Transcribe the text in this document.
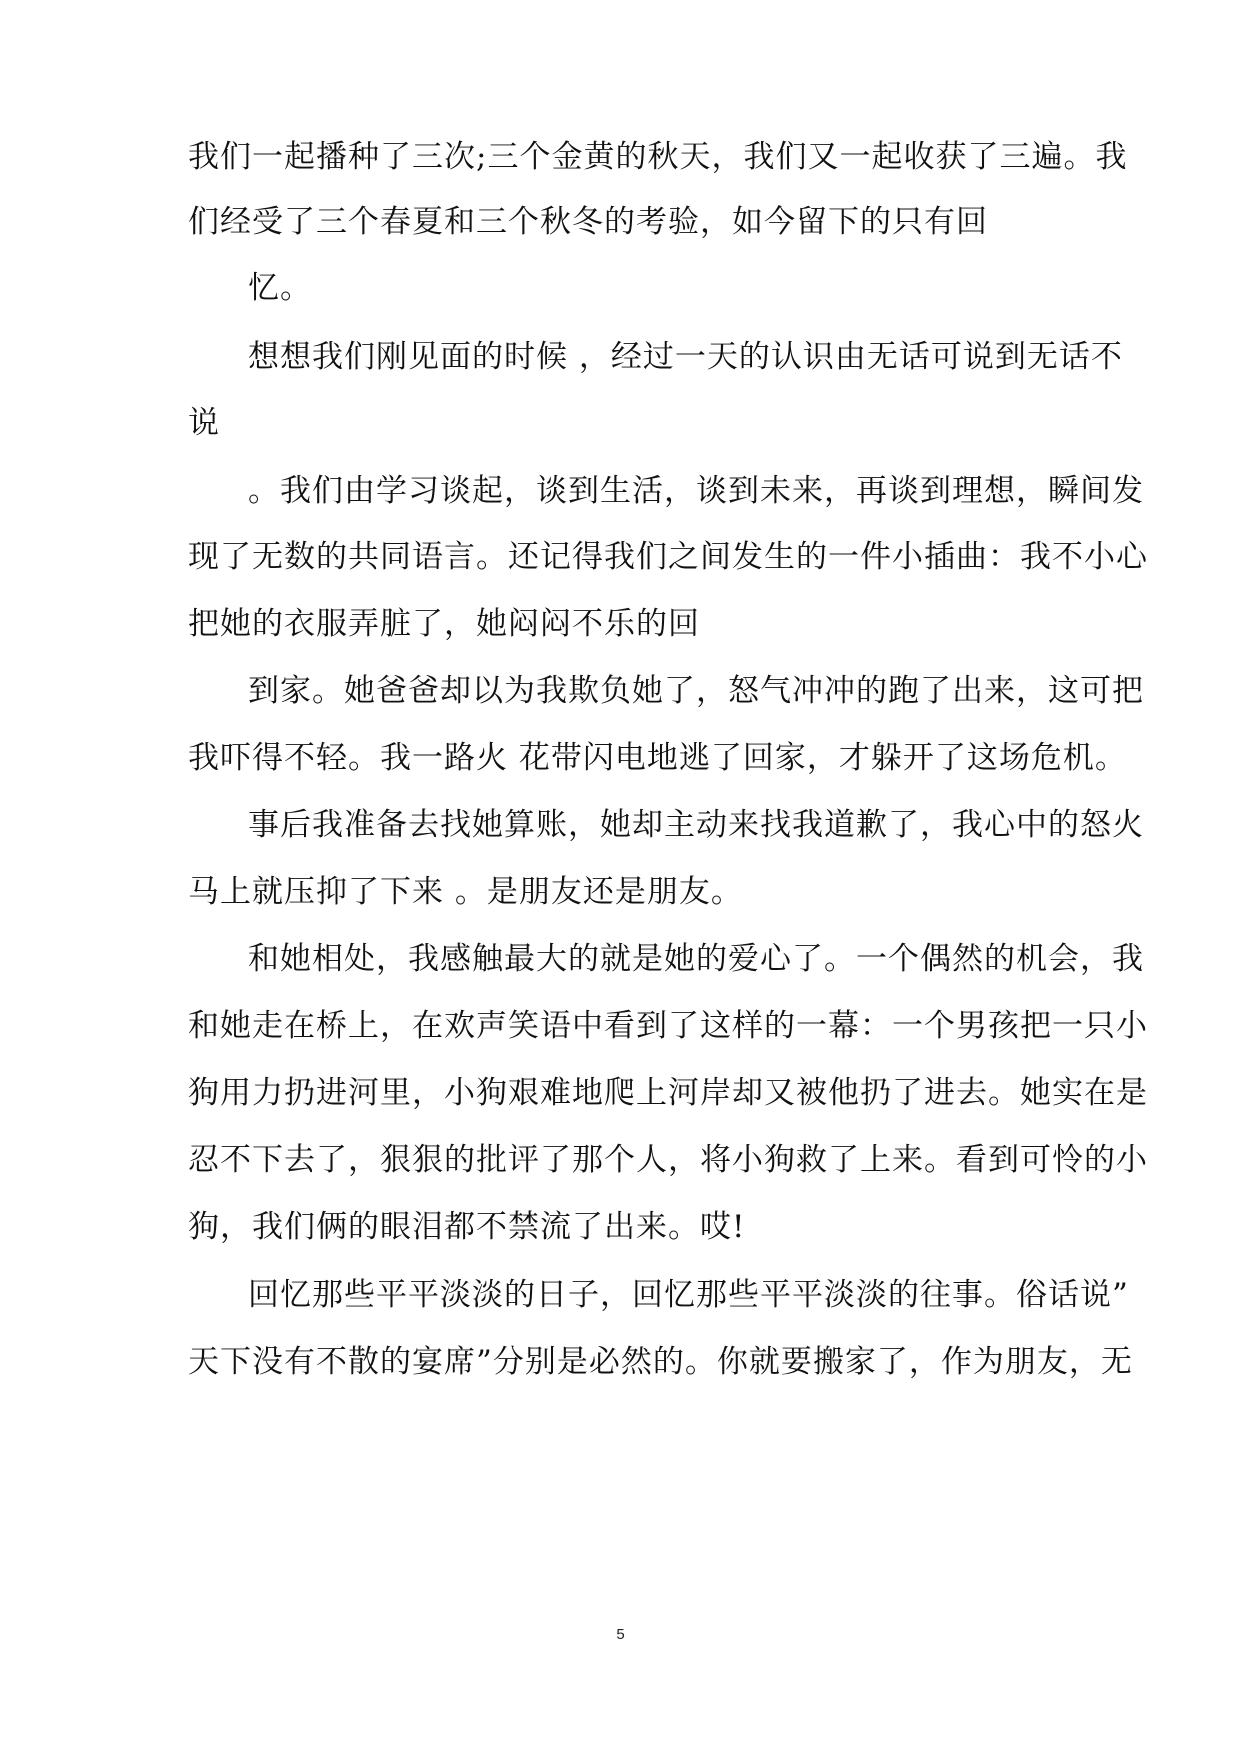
我们一起播种了三次;三个金黄的秋天，我们又一起收获了三遍。我
们经受了三个春夏和三个秋冬的考验，如今留下的只有回
忆。
想想我们刚见面的时候 ，经过一天的认识由无话可说到无话不
说
。我们由学习谈起，谈到生活，谈到未来，再谈到理想，瞬间发
现了无数的共同语言。还记得我们之间发生的一件小插曲：我不小心
把她的衣服弄脏了，她闷闷不乐的回
到家。她爸爸却以为我欺负她了，怒气冲冲的跑了出来，这可把
我吓得不轻。我一路火 花带闪电地逃了回家，才躲开了这场危机。
事后我准备去找她算账，她却主动来找我道歉了，我心中的怒火
马上就压抑了下来 。是朋友还是朋友。
和她相处，我感触最大的就是她的爱心了。一个偶然的机会，我
和她走在桥上，在欢声笑语中看到了这样的一幕：一个男孩把一只小
狗用力扔进河里，小狗艰难地爬上河岸却又被他扔了进去。她实在是
忍不下去了，狠狠的批评了那个人，将小狗救了上来。看到可怜的小
狗，我们俩的眼泪都不禁流了出来。哎!
回忆那些平平淡淡的日子，回忆那些平平淡淡的往事。俗话说”
天下没有不散的宴席”分别是必然的。你就要搬家了，作为朋友，无
5
